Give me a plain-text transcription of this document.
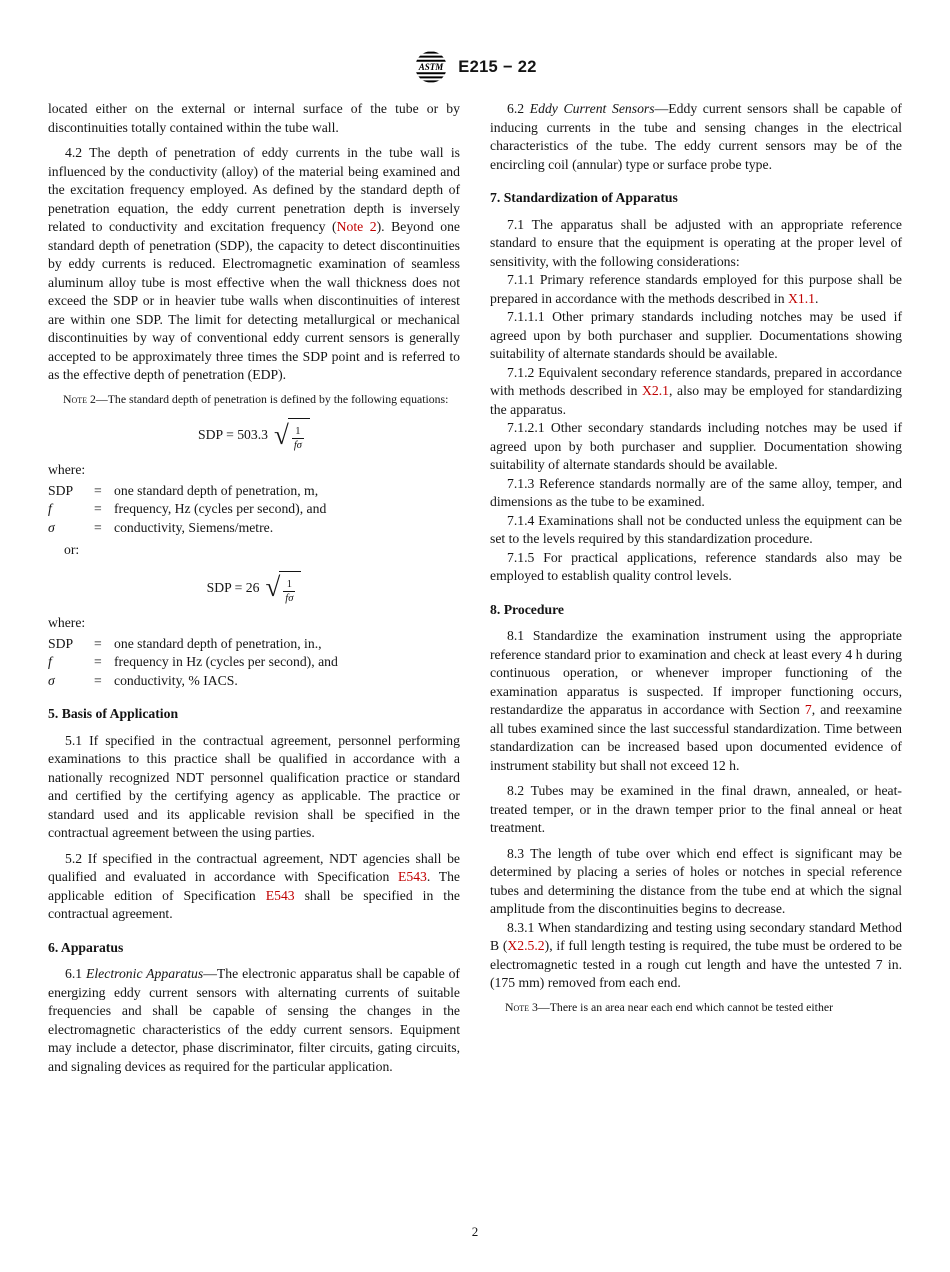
ASTM E215 − 22

located either on the external or internal surface of the tube or by discontinuities totally contained within the tube wall.

4.2 The depth of penetration of eddy currents in the tube wall is influenced by the conductivity (alloy) of the material being examined and the excitation frequency employed. As defined by the standard depth of penetration equation, the eddy current penetration depth is inversely related to conductivity and excitation frequency (Note 2). Beyond one standard depth of penetration (SDP), the capacity to detect discontinuities by eddy currents is reduced. Electromagnetic examination of seamless aluminum alloy tube is most effective when the wall thickness does not exceed the SDP or in heavier tube walls when discontinuities of interest are within one SDP. The limit for detecting metallurgical or mechanical discontinuities by way of conventional eddy current sensors is generally accepted to be approximately three times the SDP point and is referred to as the effective depth of penetration (EDP).

Note 2—The standard depth of penetration is defined by the following equations:

SDP = 503.3 √ $\frac{1}{f\sigma}$
where:
SDP	= one standard depth of penetration, m,
f	= frequency, Hz (cycles per second), and
σ	= conductivity, Siemens/metre.
or:
SDP = 26 √ $\frac{1}{f\sigma}$
where:
SDP	= one standard depth of penetration, in.,
f	= frequency in Hz (cycles per second), and
σ	= conductivity, % IACS.
5. Basis of Application

5.1 If specified in the contractual agreement, personnel performing examinations to this practice shall be qualified in accordance with a nationally recognized NDT personnel qualification practice or standard and certified by the certifying agency as applicable. The practice or standard used and its applicable revision shall be specified in the contractual agreement between the using parties.

5.2 If specified in the contractual agreement, NDT agencies shall be qualified and evaluated in accordance with Specification E543. The applicable edition of Specification E543 shall be specified in the contractual agreement.

6. Apparatus

6.1 Electronic Apparatus—The electronic apparatus shall be capable of energizing eddy current sensors with alternating currents of suitable frequencies and shall be capable of sensing the changes in the electromagnetic characteristics of the eddy current sensors. Equipment may include a detector, phase discriminator, filter circuits, gating circuits, and signaling devices as required for the particular application.

6.2 Eddy Current Sensors—Eddy current sensors shall be capable of inducing currents in the tube and sensing changes in the electrical characteristics of the tube. The eddy current sensors may be of the encircling coil (annular) type or surface probe type.

7. Standardization of Apparatus

7.1 The apparatus shall be adjusted with an appropriate reference standard to ensure that the equipment is operating at the proper level of sensitivity, with the following considerations:

7.1.1 Primary reference standards employed for this purpose shall be prepared in accordance with the methods described in X1.1.

7.1.1.1 Other primary standards including notches may be used if agreed upon by both purchaser and supplier. Documentations showing suitability of alternate standards should be available.

7.1.2 Equivalent secondary reference standards, prepared in accordance with methods described in X2.1, also may be employed for standardizing the apparatus.

7.1.2.1 Other secondary standards including notches may be used if agreed upon by both purchaser and supplier. Documentation showing suitability of alternate standards should be available.

7.1.3 Reference standards normally are of the same alloy, temper, and dimensions as the tube to be examined.

7.1.4 Examinations shall not be conducted unless the equipment can be set to the levels required by this standardization procedure.

7.1.5 For practical applications, reference standards also may be employed to establish quality control levels.

8. Procedure

8.1 Standardize the examination instrument using the appropriate reference standard prior to examination and check at least every 4 h during continuous operation, or whenever improper functioning of the examination apparatus is suspected. If improper functioning occurs, restandardize the apparatus in accordance with Section 7, and reexamine all tubes examined since the last successful standardization. Time between standardization can be increased based upon documented evidence of instrument stability but shall not exceed 12 h.

8.2 Tubes may be examined in the final drawn, annealed, or heat-treated temper, or in the drawn temper prior to the final anneal or heat treatment.

8.3 The length of tube over which end effect is significant may be determined by placing a series of holes or notches in special reference tubes and determining the distance from the tube end at which the signal amplitude from the discontinuities begins to decrease.

8.3.1 When standardizing and testing using secondary standard Method B (X2.5.2), if full length testing is required, the tube must be ordered to be electromagnetic tested in a rough cut length and have the untested 7 in. (175 mm) removed from each end.

Note 3—There is an area near each end which cannot be tested either

2
